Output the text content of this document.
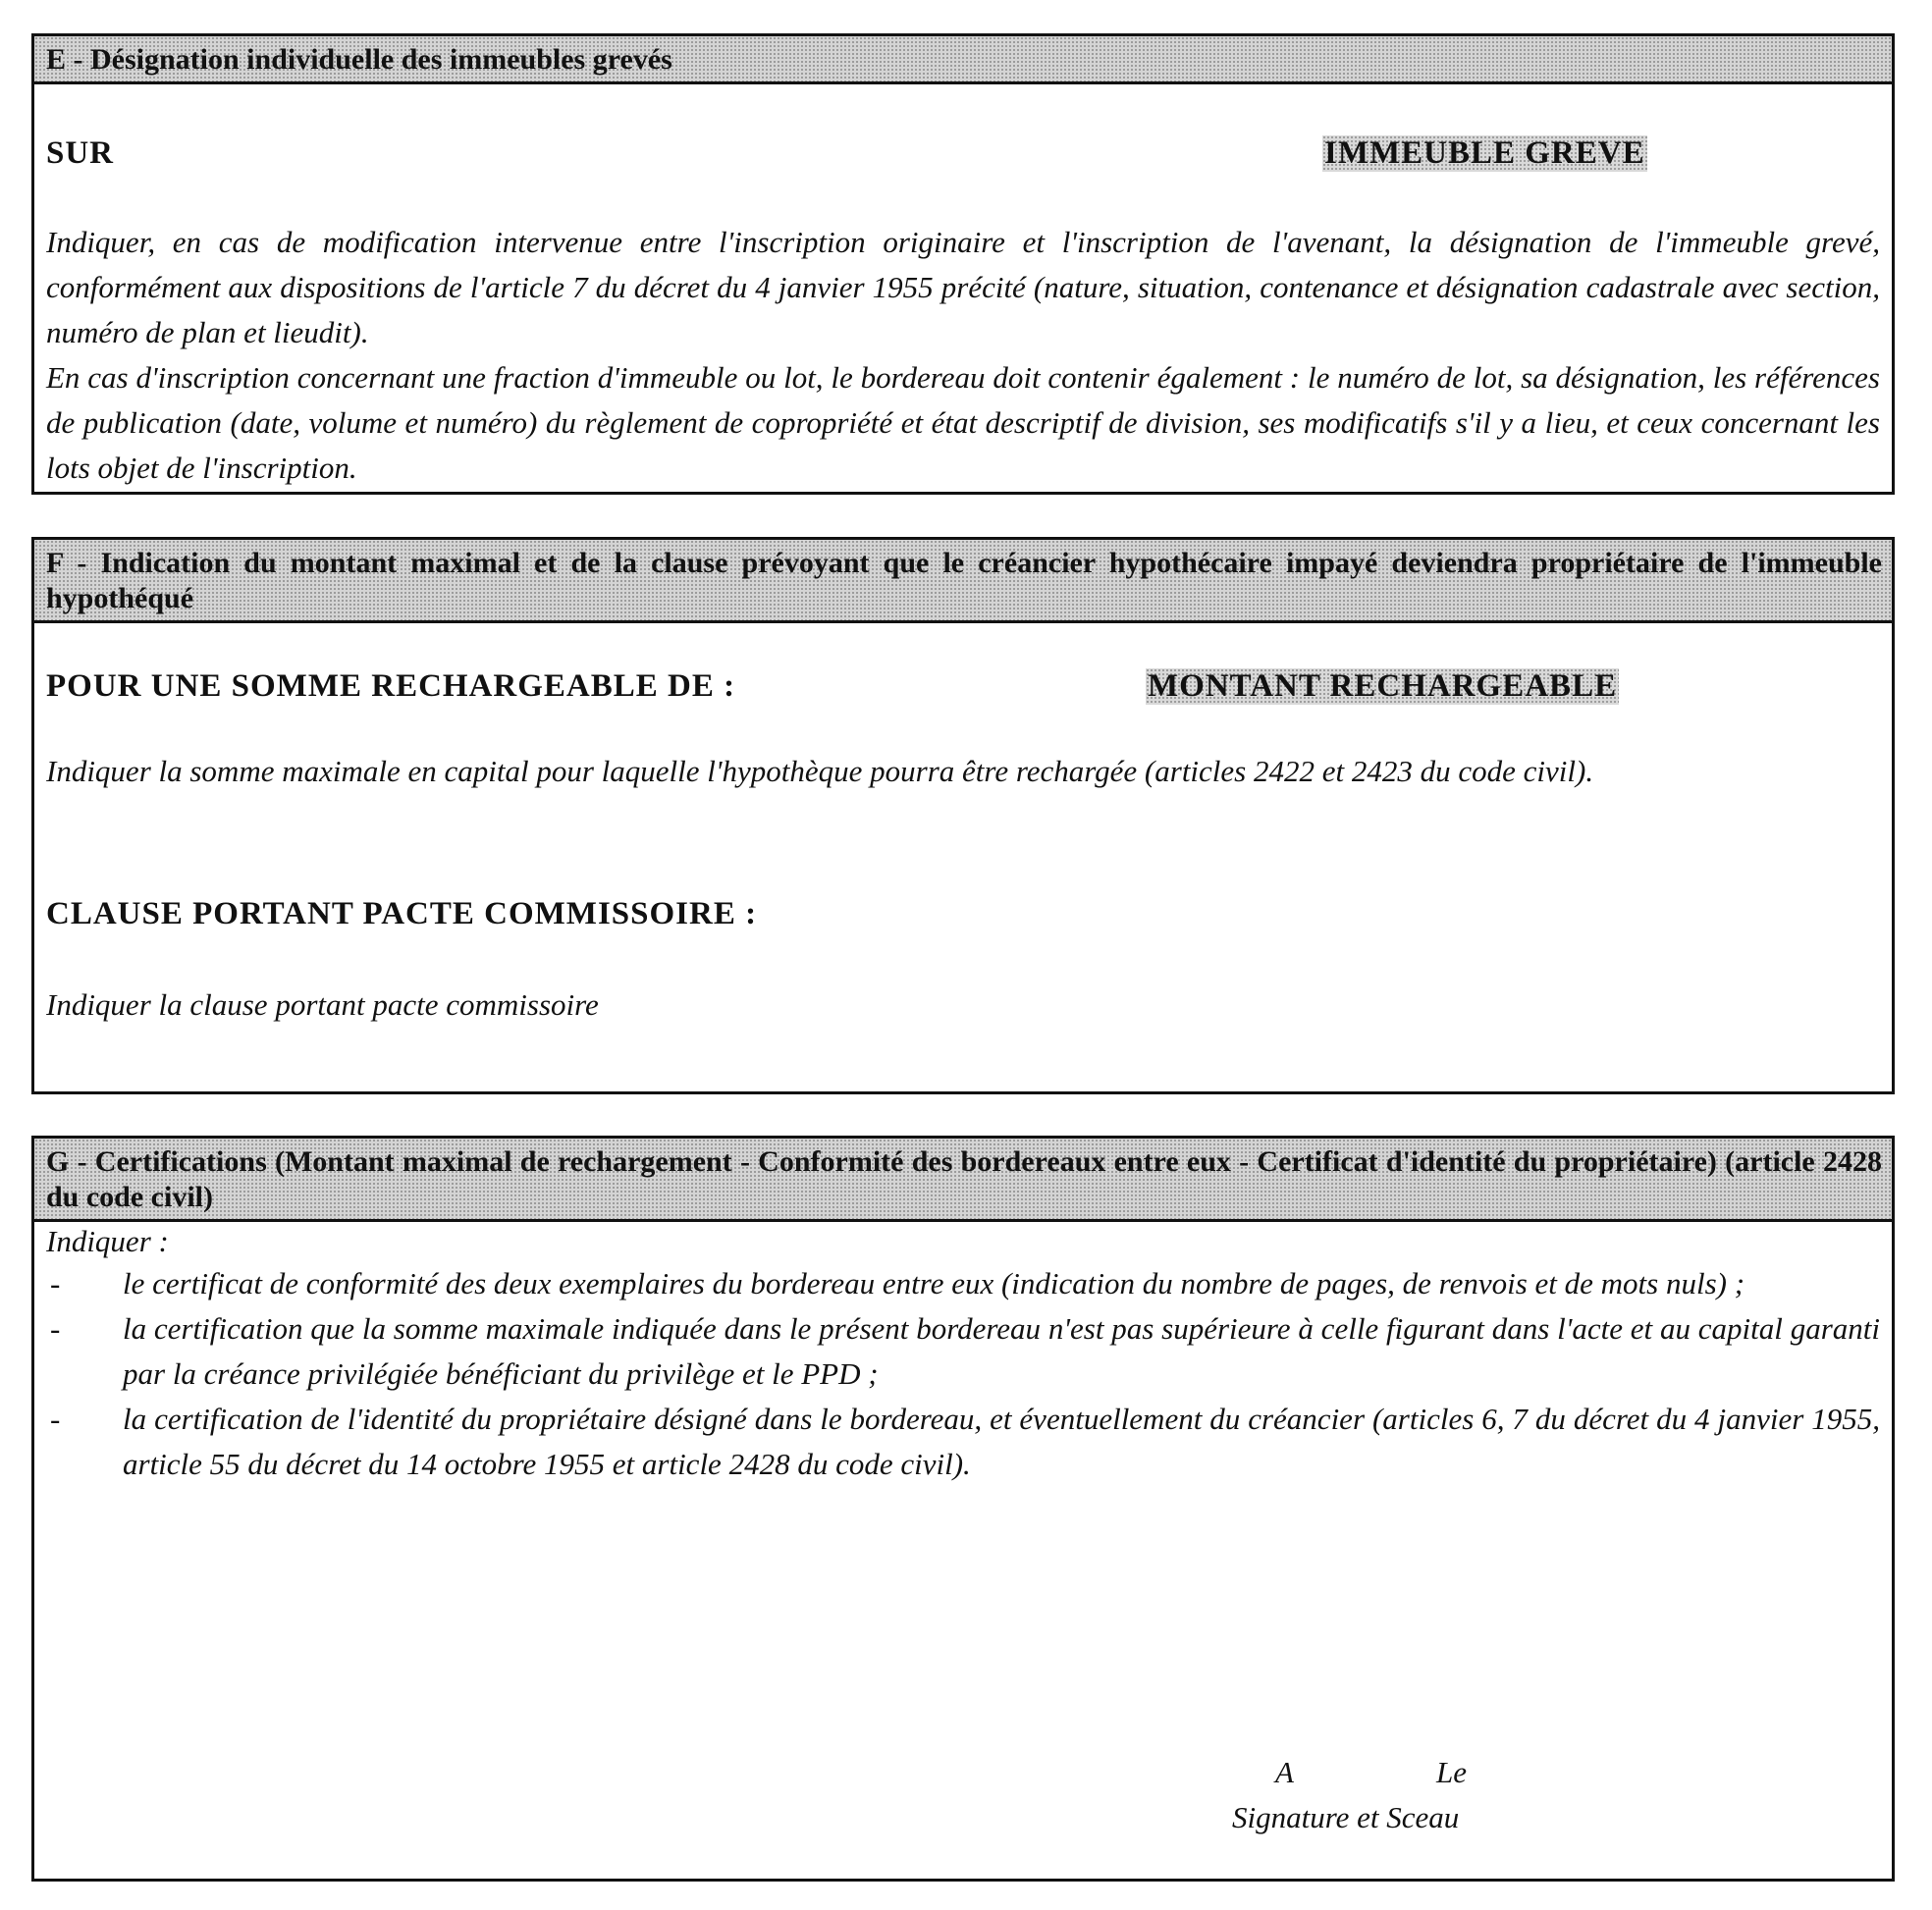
E - Désignation individuelle des immeubles grevés
SUR	IMMEUBLE GREVE

Indiquer, en cas de modification intervenue entre l'inscription originaire et l'inscription de l'avenant, la désignation de l'immeuble grevé, conformément aux dispositions de l'article 7 du décret du 4 janvier 1955 précité (nature, situation, contenance et désignation cadastrale avec section, numéro de plan et lieudit).

En cas d'inscription concernant une fraction d'immeuble ou lot, le bordereau doit contenir également : le numéro de lot, sa désignation, les références de publication (date, volume et numéro) du règlement de copropriété et état descriptif de division, ses modificatifs s'il y a lieu, et ceux concernant les lots objet de l'inscription.

F - Indication du montant maximal et de la clause prévoyant que le créancier hypothécaire impayé deviendra propriétaire de l'immeuble hypothéqué
POUR UNE SOMME RECHARGEABLE DE :	MONTANT RECHARGEABLE

Indiquer la somme maximale en capital pour laquelle l'hypothèque pourra être rechargée (articles 2422 et 2423 du code civil).

CLAUSE PORTANT PACTE COMMISSOIRE :

Indiquer la clause portant pacte commissoire

G - Certifications (Montant maximal de rechargement - Conformité des bordereaux entre eux - Certificat d'identité du propriétaire) (article 2428 du code civil)

Indiquer :

- le certificat de conformité des deux exemplaires du bordereau entre eux (indication du nombre de pages, de renvois et de mots nuls) ;
- la certification que la somme maximale indiquée dans le présent bordereau n'est pas supérieure à celle figurant dans l'acte et au capital garanti par la créance privilégiée bénéficiant du privilège et le PPD ;
- la certification de l'identité du propriétaire désigné dans le bordereau, et éventuellement du créancier (articles 6, 7 du décret du 4 janvier 1955, article 55 du décret du 14 octobre 1955 et article 2428 du code civil).
A	Le
Signature et Sceau
